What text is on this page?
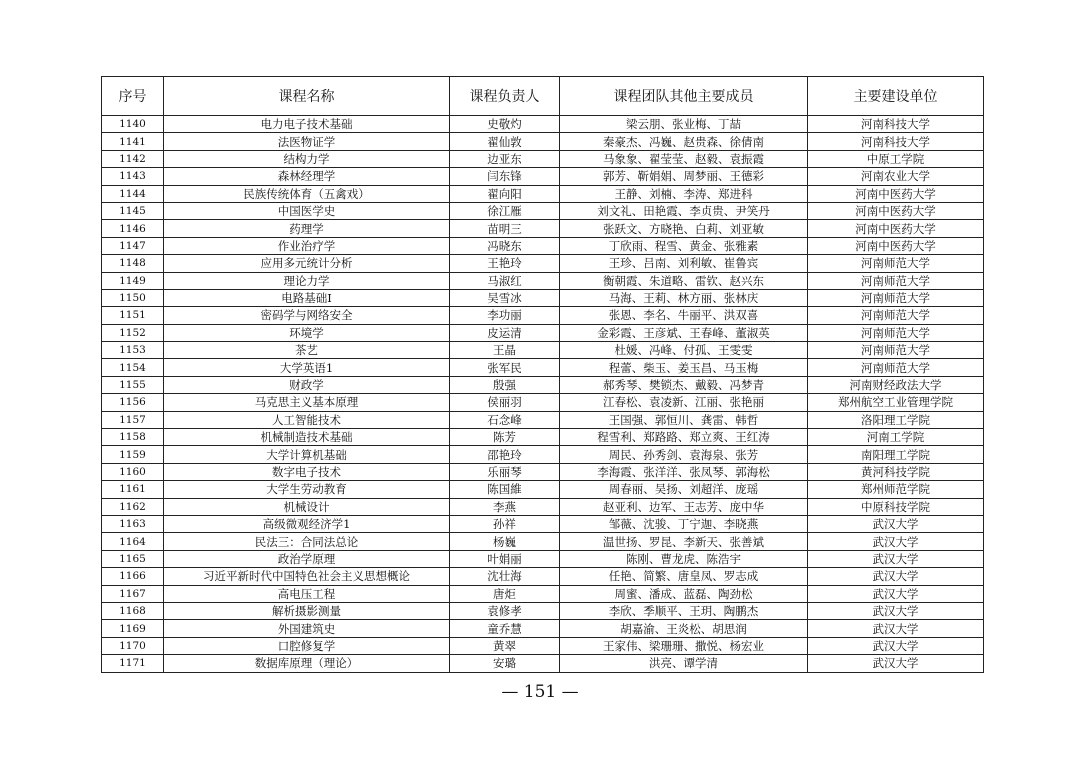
序号	课程名称	课程负责人	课程团队其他主要成员	主要建设单位
1140	电力电子技术基础	史敬灼	梁云朋、张业梅、丁喆	河南科技大学
1141	法医物证学	翟仙敦	秦豪杰、冯巍、赵贵森、徐倩南	河南科技大学
1142	结构力学	边亚东	马象象、翟莹莹、赵毅、袁振霞	中原工学院
1143	森林经理学	闫东锋	郭芳、靳娟娟、周梦丽、王德彩	河南农业大学
1144	民族传统体育（五禽戏）	翟向阳	王静、刘楠、李涛、郑进科	河南中医药大学
1145	中国医学史	徐江雁	刘文礼、田艳霞、李贞贵、尹笑丹	河南中医药大学
1146	药理学	苗明三	张跃文、方晓艳、白莉、刘亚敏	河南中医药大学
1147	作业治疗学	冯晓东	丁欣雨、程雪、黄金、张雅素	河南中医药大学
1148	应用多元统计分析	王艳玲	王珍、吕南、刘利敏、崔鲁宾	河南师范大学
1149	理论力学	马淑红	衡朝霞、朱道略、雷钦、赵兴东	河南师范大学
1150	电路基础I	吴雪冰	马海、王莉、林方丽、张林庆	河南师范大学
1151	密码学与网络安全	李功丽	张恩、李名、牛丽平、洪双喜	河南师范大学
1152	环境学	皮运清	金彩霞、王彦斌、王春峰、董淑英	河南师范大学
1153	茶艺	王晶	杜媛、冯峰、付孤、王雯雯	河南师范大学
1154	大学英语1	张军民	程蕾、柴玉、姜玉昌、马玉梅	河南师范大学
1155	财政学	殷强	郝秀琴、樊锁杰、戴毅、冯梦青	河南财经政法大学
1156	马克思主义基本原理	侯丽羽	江春松、袁凌新、江丽、张艳丽	郑州航空工业管理学院
1157	人工智能技术	石念峰	王国强、郭恒川、龚雷、韩哲	洛阳理工学院
1158	机械制造技术基础	陈芳	程雪利、郑路路、郑立爽、王红涛	河南工学院
1159	大学计算机基础	邵艳玲	周民、孙秀剑、袁海泉、张芳	南阳理工学院
1160	数字电子技术	乐丽琴	李海霞、张洋洋、张凤琴、郭海松	黄河科技学院
1161	大学生劳动教育	陈国維	周春丽、吴扬、刘超洋、庞瑶	郑州师范学院
1162	机械设计	李燕	赵亚利、边军、王志芳、庞中华	中原科技学院
1163	高级微观经济学1	孙祥	邹薇、沈骏、丁宁迦、李晓燕	武汉大学
1164	民法三：合同法总论	杨巍	温世扬、罗昆、李新天、张善斌	武汉大学
1165	政治学原理	叶娟丽	陈刚、曹龙虎、陈浩宇	武汉大学
1166	习近平新时代中国特色社会主义思想概论	沈壮海	任艳、简繁、唐皇凤、罗志成	武汉大学
1167	高电压工程	唐炬	周蜜、潘成、蓝磊、陶劲松	武汉大学
1168	解析摄影测量	袁修孝	李欣、季顺平、王玥、陶鹏杰	武汉大学
1169	外国建筑史	童乔慧	胡嘉渝、王炎松、胡思润	武汉大学
1170	口腔修复学	黄翠	王家伟、梁珊珊、撒悦、杨宏业	武汉大学
1171	数据库原理（理论）	安璐	洪亮、谭学清	武汉大学
— 151 —
